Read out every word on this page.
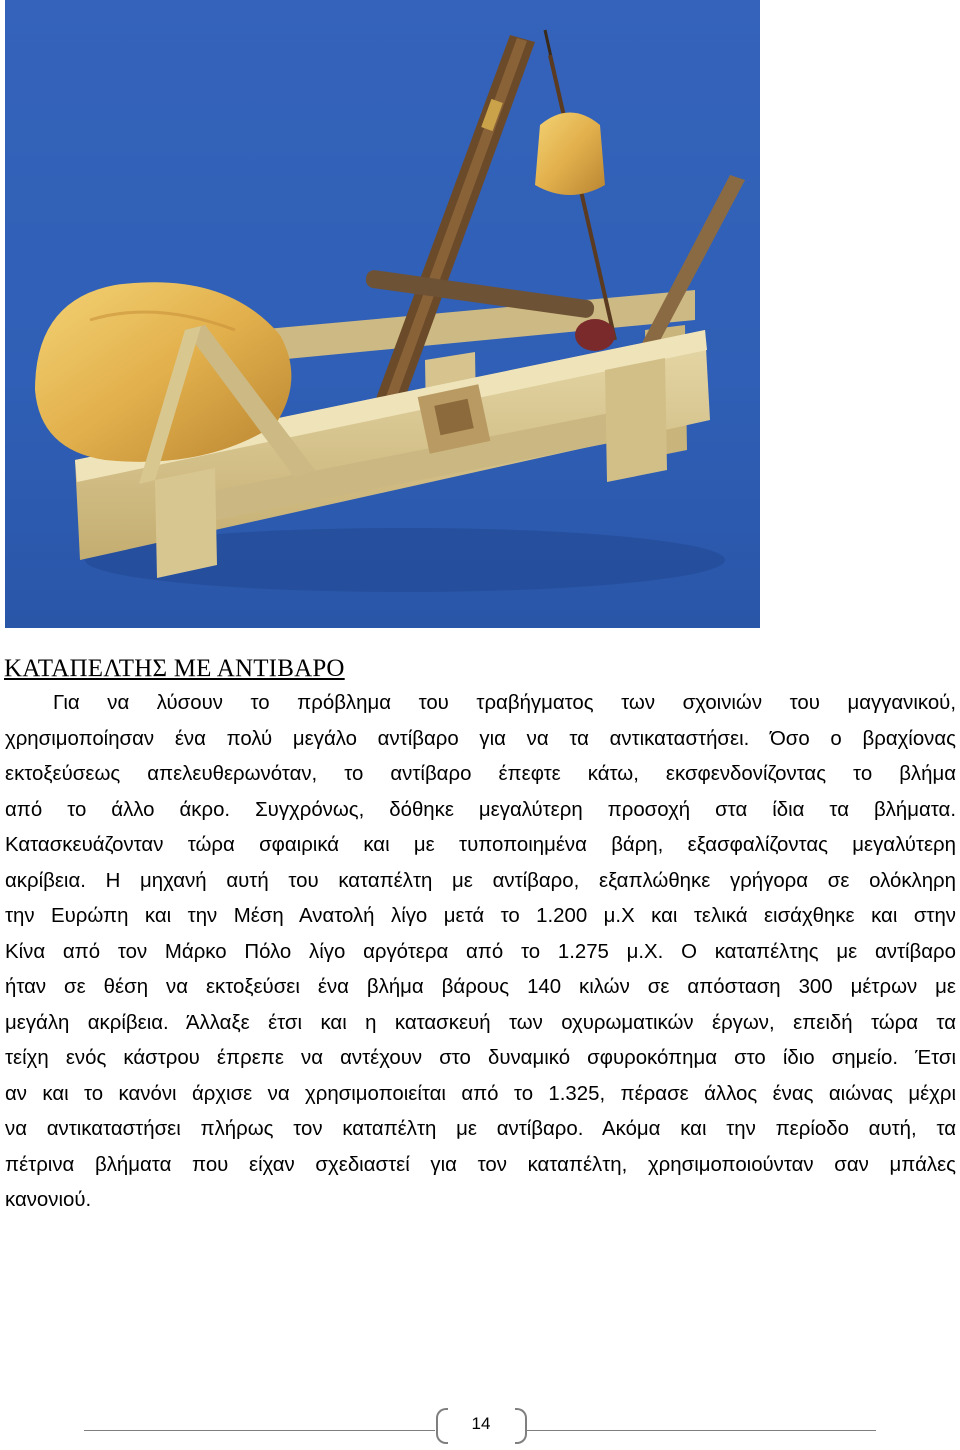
ΚΑΤΑΠΕΛΤΗΣ ΜΕ ΑΝΤΙΒΑΡΟ
Για να λύσουν το πρόβλημα του τραβήγματος των σχοινιών του μαγγανικού,
χρησιμοποίησαν ένα πολύ μεγάλο αντίβαρο για να τα αντικαταστήσει. Όσο ο βραχίονας
εκτοξεύσεως απελευθερωνόταν, το αντίβαρο έπεφτε κάτω, εκσφενδονίζοντας το βλήμα
από το άλλο άκρο. Συγχρόνως, δόθηκε μεγαλύτερη προσοχή στα ίδια τα βλήματα.
Κατασκευάζονταν τώρα σφαιρικά και με τυποποιημένα βάρη, εξασφαλίζοντας μεγαλύτερη
ακρίβεια. Η μηχανή αυτή του καταπέλτη με αντίβαρο, εξαπλώθηκε γρήγορα σε ολόκληρη
την Ευρώπη και την Μέση Ανατολή λίγο μετά το 1.200 μ.Χ και τελικά εισάχθηκε και στην
Κίνα από τον Μάρκο Πόλο λίγο αργότερα από το 1.275 μ.Χ. Ο καταπέλτης με αντίβαρο
ήταν σε θέση να εκτοξεύσει ένα βλήμα βάρους 140 κιλών σε απόσταση 300 μέτρων με
μεγάλη ακρίβεια. Άλλαξε έτσι και η κατασκευή των οχυρωματικών έργων, επειδή τώρα τα
τείχη ενός κάστρου έπρεπε να αντέχουν στο δυναμικό σφυροκόπημα στο ίδιο σημείο. Έτσι
αν και το κανόνι άρχισε να χρησιμοποιείται από το 1.325, πέρασε άλλος ένας αιώνας μέχρι
να αντικαταστήσει πλήρως τον καταπέλτη με αντίβαρο. Ακόμα και την περίοδο αυτή, τα
πέτρινα βλήματα που είχαν σχεδιαστεί για τον καταπέλτη, χρησιμοποιούνταν σαν μπάλες
κανονιού.
14
